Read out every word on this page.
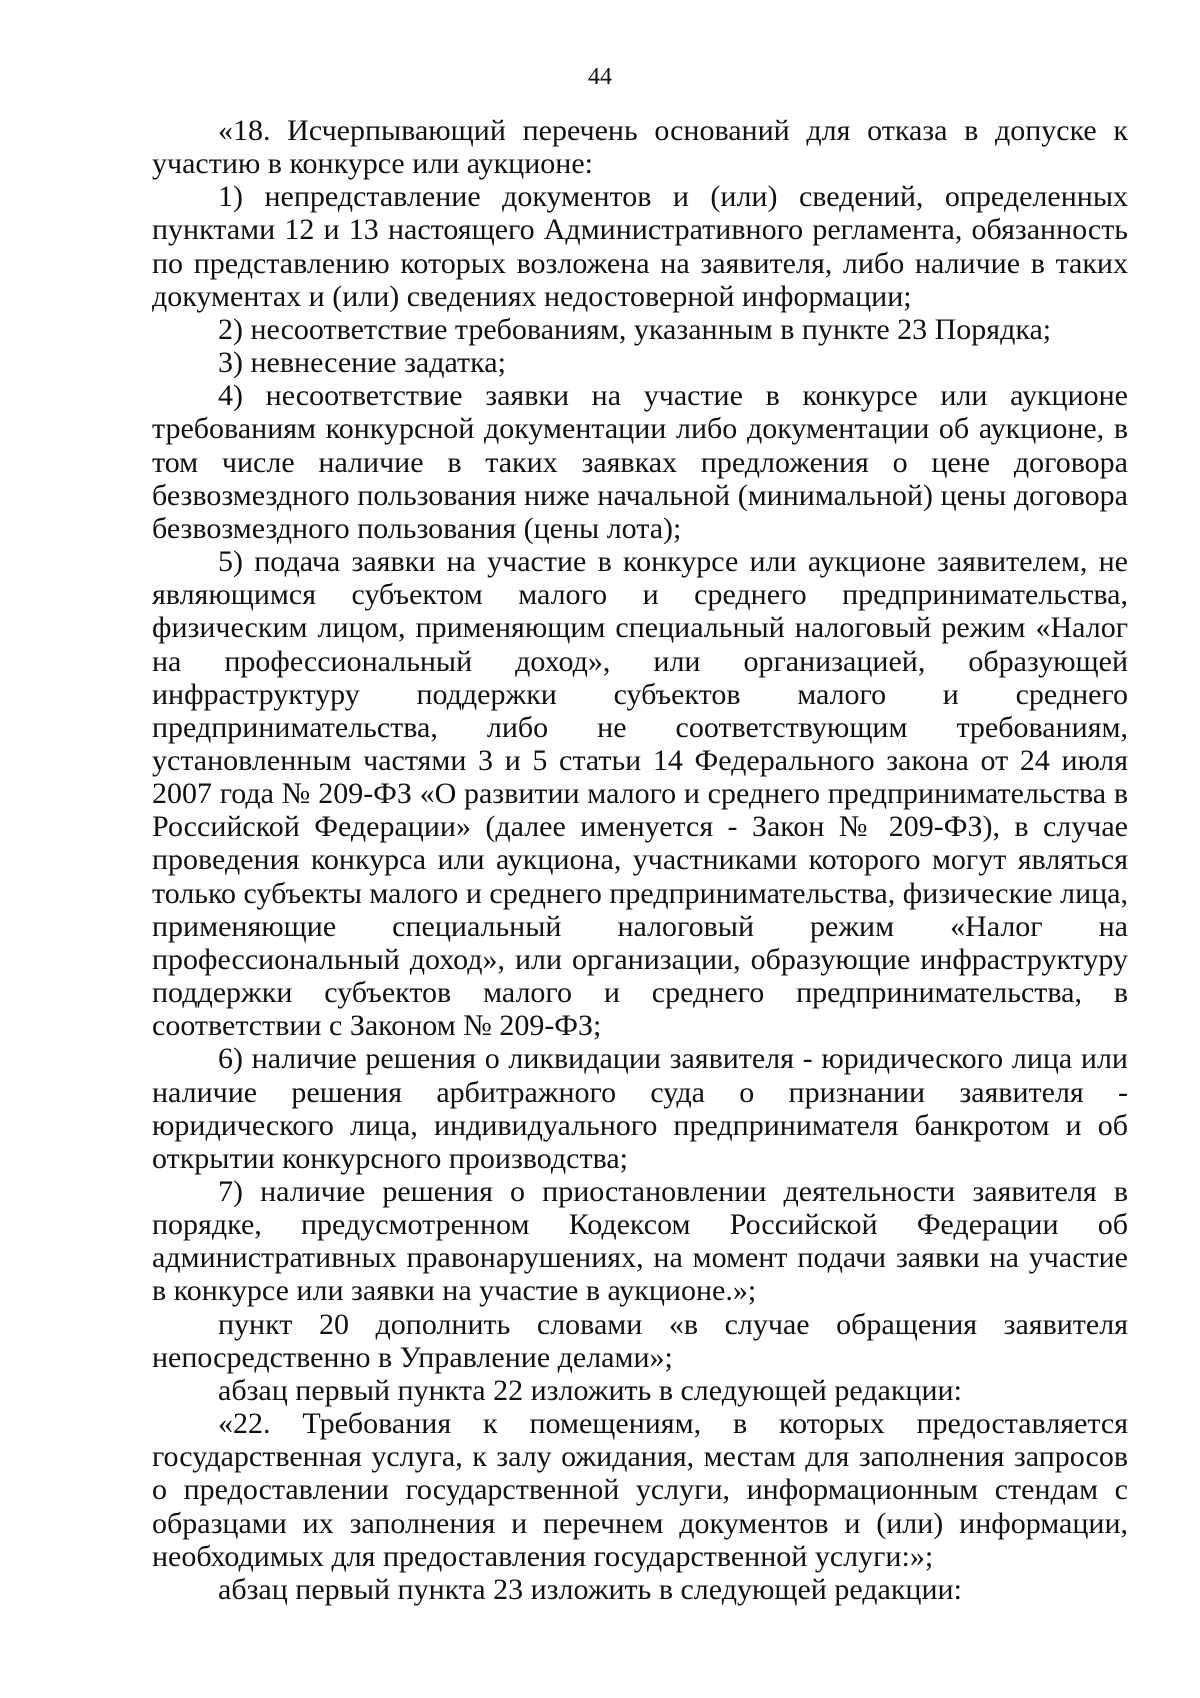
44

«18. Исчерпывающий перечень оснований для отказа в допуске к участию в конкурсе или аукционе:

1) непредставление документов и (или) сведений, определенных пунктами 12 и 13 настоящего Административного регламента, обязанность по представлению которых возложена на заявителя, либо наличие в таких документах и (или) сведениях недостоверной информации;

2) несоответствие требованиям, указанным в пункте 23 Порядка;

3) невнесение задатка;

4) несоответствие заявки на участие в конкурсе или аукционе требованиям конкурсной документации либо документации об аукционе, в том числе наличие в таких заявках предложения о цене договора безвозмездного пользования ниже начальной (минимальной) цены договора безвозмездного пользования (цены лота);

5) подача заявки на участие в конкурсе или аукционе заявителем, не являющимся субъектом малого и среднего предпринимательства, физическим лицом, применяющим специальный налоговый режим «Налог на профессиональный доход», или организацией, образующей инфраструктуру поддержки субъектов малого и среднего предпринимательства, либо не соответствующим требованиям, установленным частями 3 и 5 статьи 14 Федерального закона от 24 июля 2007 года № 209-ФЗ «О развитии малого и среднего предпринимательства в Российской Федерации» (далее именуется - Закон № 209-ФЗ), в случае проведения конкурса или аукциона, участниками которого могут являться только субъекты малого и среднего предпринимательства, физические лица, применяющие специальный налоговый режим «Налог на профессиональный доход», или организации, образующие инфраструктуру поддержки субъектов малого и среднего предпринимательства, в соответствии с Законом № 209-ФЗ;

6) наличие решения о ликвидации заявителя - юридического лица или наличие решения арбитражного суда о признании заявителя - юридического лица, индивидуального предпринимателя банкротом и об открытии конкурсного производства;

7) наличие решения о приостановлении деятельности заявителя в порядке, предусмотренном Кодексом Российской Федерации об административных правонарушениях, на момент подачи заявки на участие в конкурсе или заявки на участие в аукционе.»;

пункт 20 дополнить словами «в случае обращения заявителя непосредственно в Управление делами»;

абзац первый пункта 22 изложить в следующей редакции:

«22. Требования к помещениям, в которых предоставляется государственная услуга, к залу ожидания, местам для заполнения запросов о предоставлении государственной услуги, информационным стендам с образцами их заполнения и перечнем документов и (или) информации, необходимых для предоставления государственной услуги:»;

абзац первый пункта 23 изложить в следующей редакции:
